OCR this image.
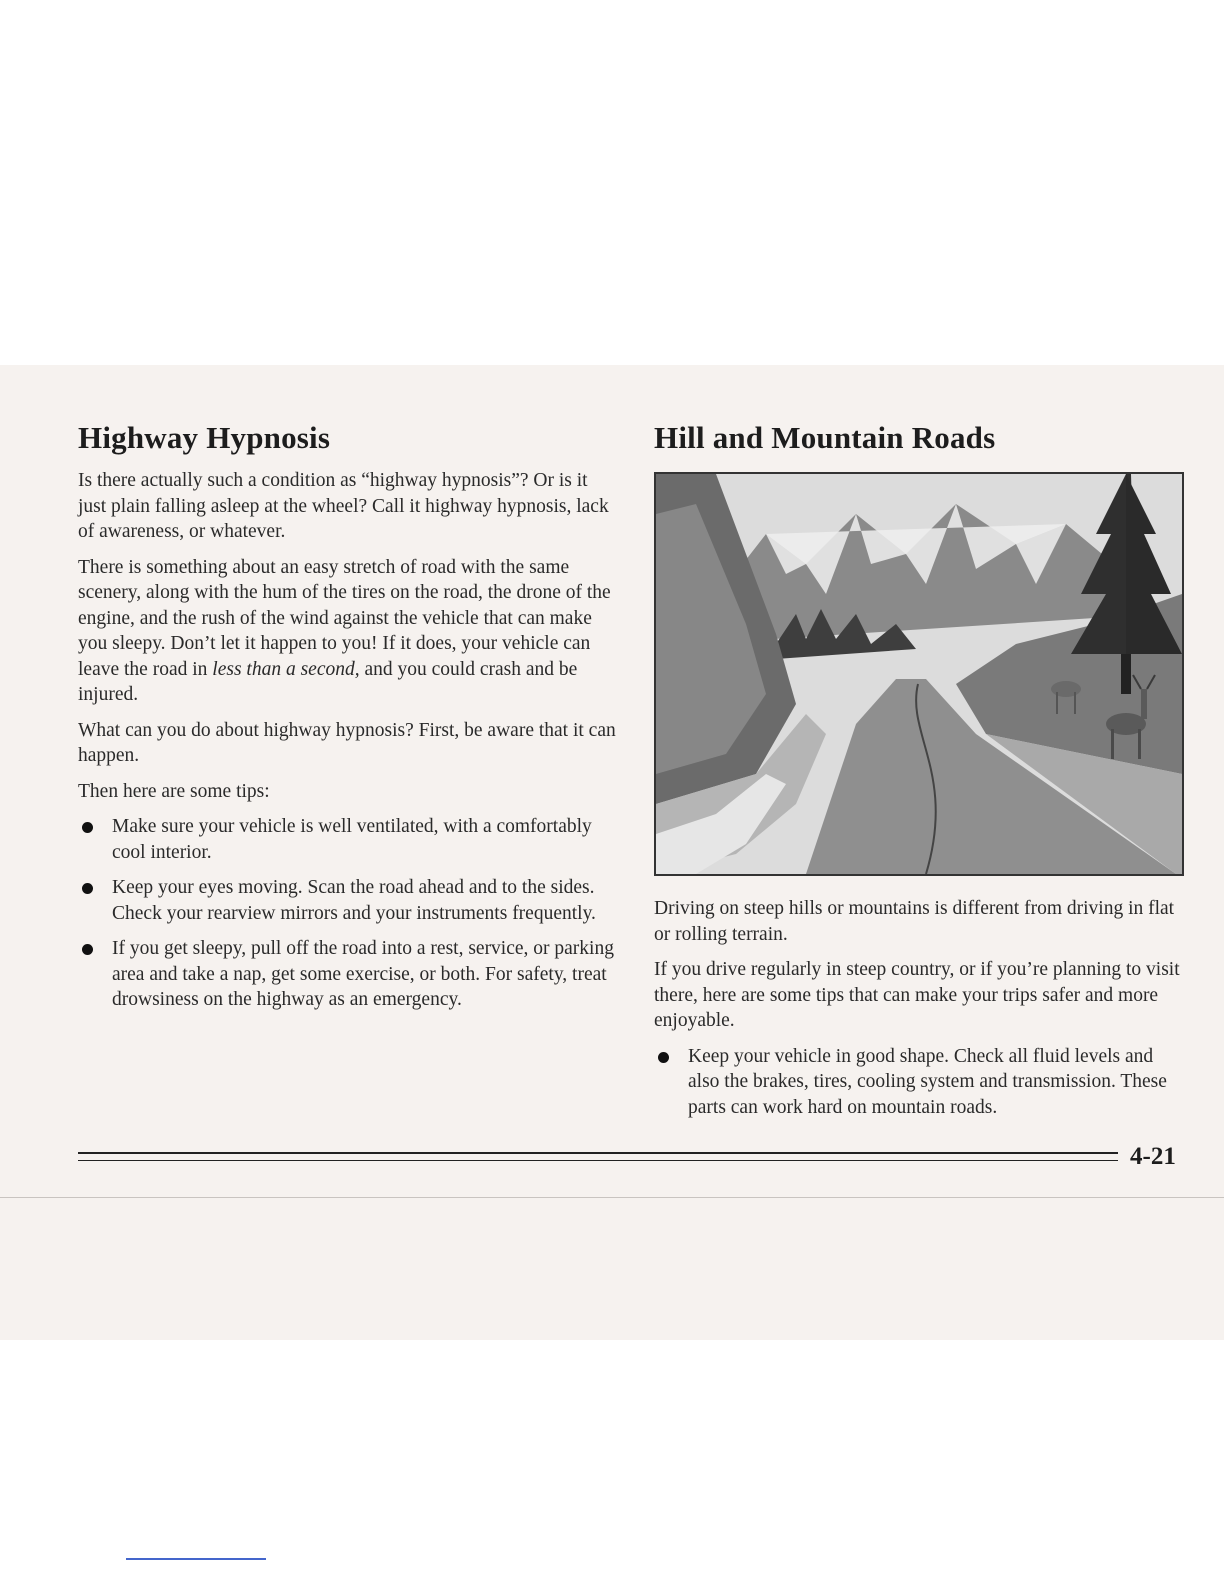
Highway Hypnosis

Is there actually such a condition as “highway hypnosis”? Or is it just plain falling asleep at the wheel? Call it highway hypnosis, lack of awareness, or whatever.

There is something about an easy stretch of road with the same scenery, along with the hum of the tires on the road, the drone of the engine, and the rush of the wind against the vehicle that can make you sleepy. Don’t let it happen to you! If it does, your vehicle can leave the road in less than a second, and you could crash and be injured.

What can you do about highway hypnosis? First, be aware that it can happen.

Then here are some tips:

Make sure your vehicle is well ventilated, with a comfortably cool interior.
Keep your eyes moving. Scan the road ahead and to the sides. Check your rearview mirrors and your instruments frequently.
If you get sleepy, pull off the road into a rest, service, or parking area and take a nap, get some exercise, or both. For safety, treat drowsiness on the highway as an emergency.
Hill and Mountain Roads

Driving on steep hills or mountains is different from driving in flat or rolling terrain.

If you drive regularly in steep country, or if you’re planning to visit there, here are some tips that can make your trips safer and more enjoyable.

Keep your vehicle in good shape. Check all fluid levels and also the brakes, tires, cooling system and transmission. These parts can work hard on mountain roads.
4-21
